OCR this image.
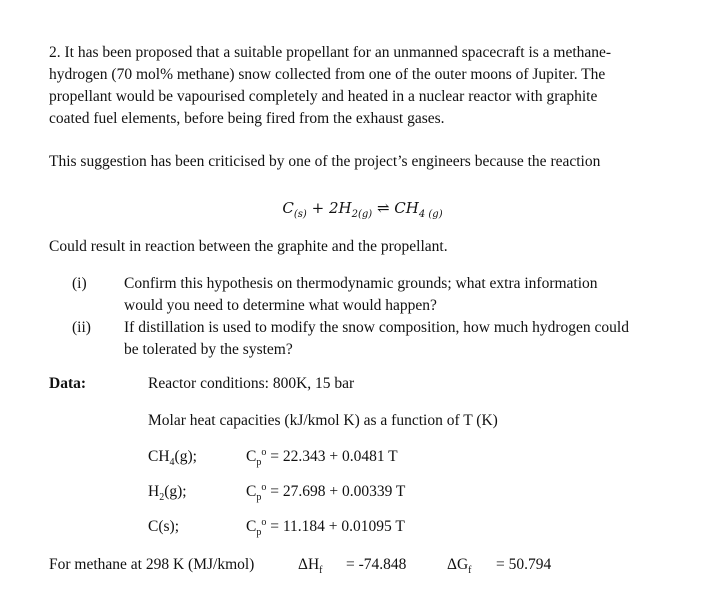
2. It has been proposed that a suitable propellant for an unmanned spacecraft is a methane-
hydrogen (70 mol% methane) snow collected from one of the outer moons of Jupiter. The
propellant would be vapourised completely and heated in a nuclear reactor with graphite
coated fuel elements, before being fired from the exhaust gases.
This suggestion has been criticised by one of the project’s engineers because the reaction
$C_{(s)} + 2H_{2(g)}$ ⇌ $CH_{4 (g)}$
Could result in reaction between the graphite and the propellant.
(i) Confirm this hypothesis on thermodynamic grounds; what extra information
would you need to determine what would happen?
(ii) If distillation is used to modify the snow composition, how much hydrogen could
be tolerated by the system?
Data:	Reactor conditions: 800K, 15 bar
Molar heat capacities (kJ/kmol K) as a function of T (K)
$CH_4(g)$;	$C_p^o = 22.343 + 0.0481$ T
$H_2(g)$;	$C_p^o = 27.698 + 0.00339$ T
C(s);	$C_p^o = 11.184 + 0.01095$ T
For methane at 298 K (MJ/kmol)	$\Delta H_f = -74.848$	$\Delta G_f = 50.794$
